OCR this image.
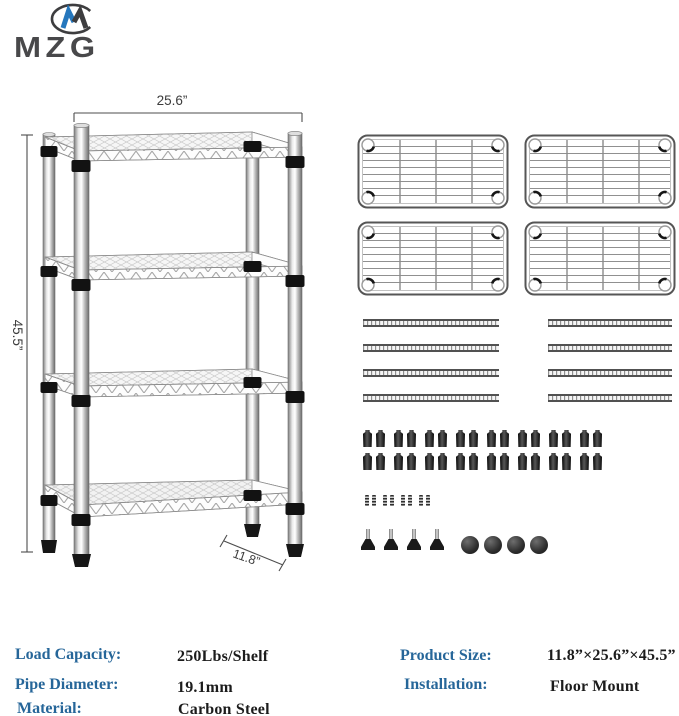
MZG
25.6”
45.5”
11.8”
Load Capacity:	250Lbs/Shelf
Pipe Diameter:	19.1mm
Material:	Carbon Steel
Product Size:	11.8”×25.6”×45.5”
Installation:	Floor Mount
